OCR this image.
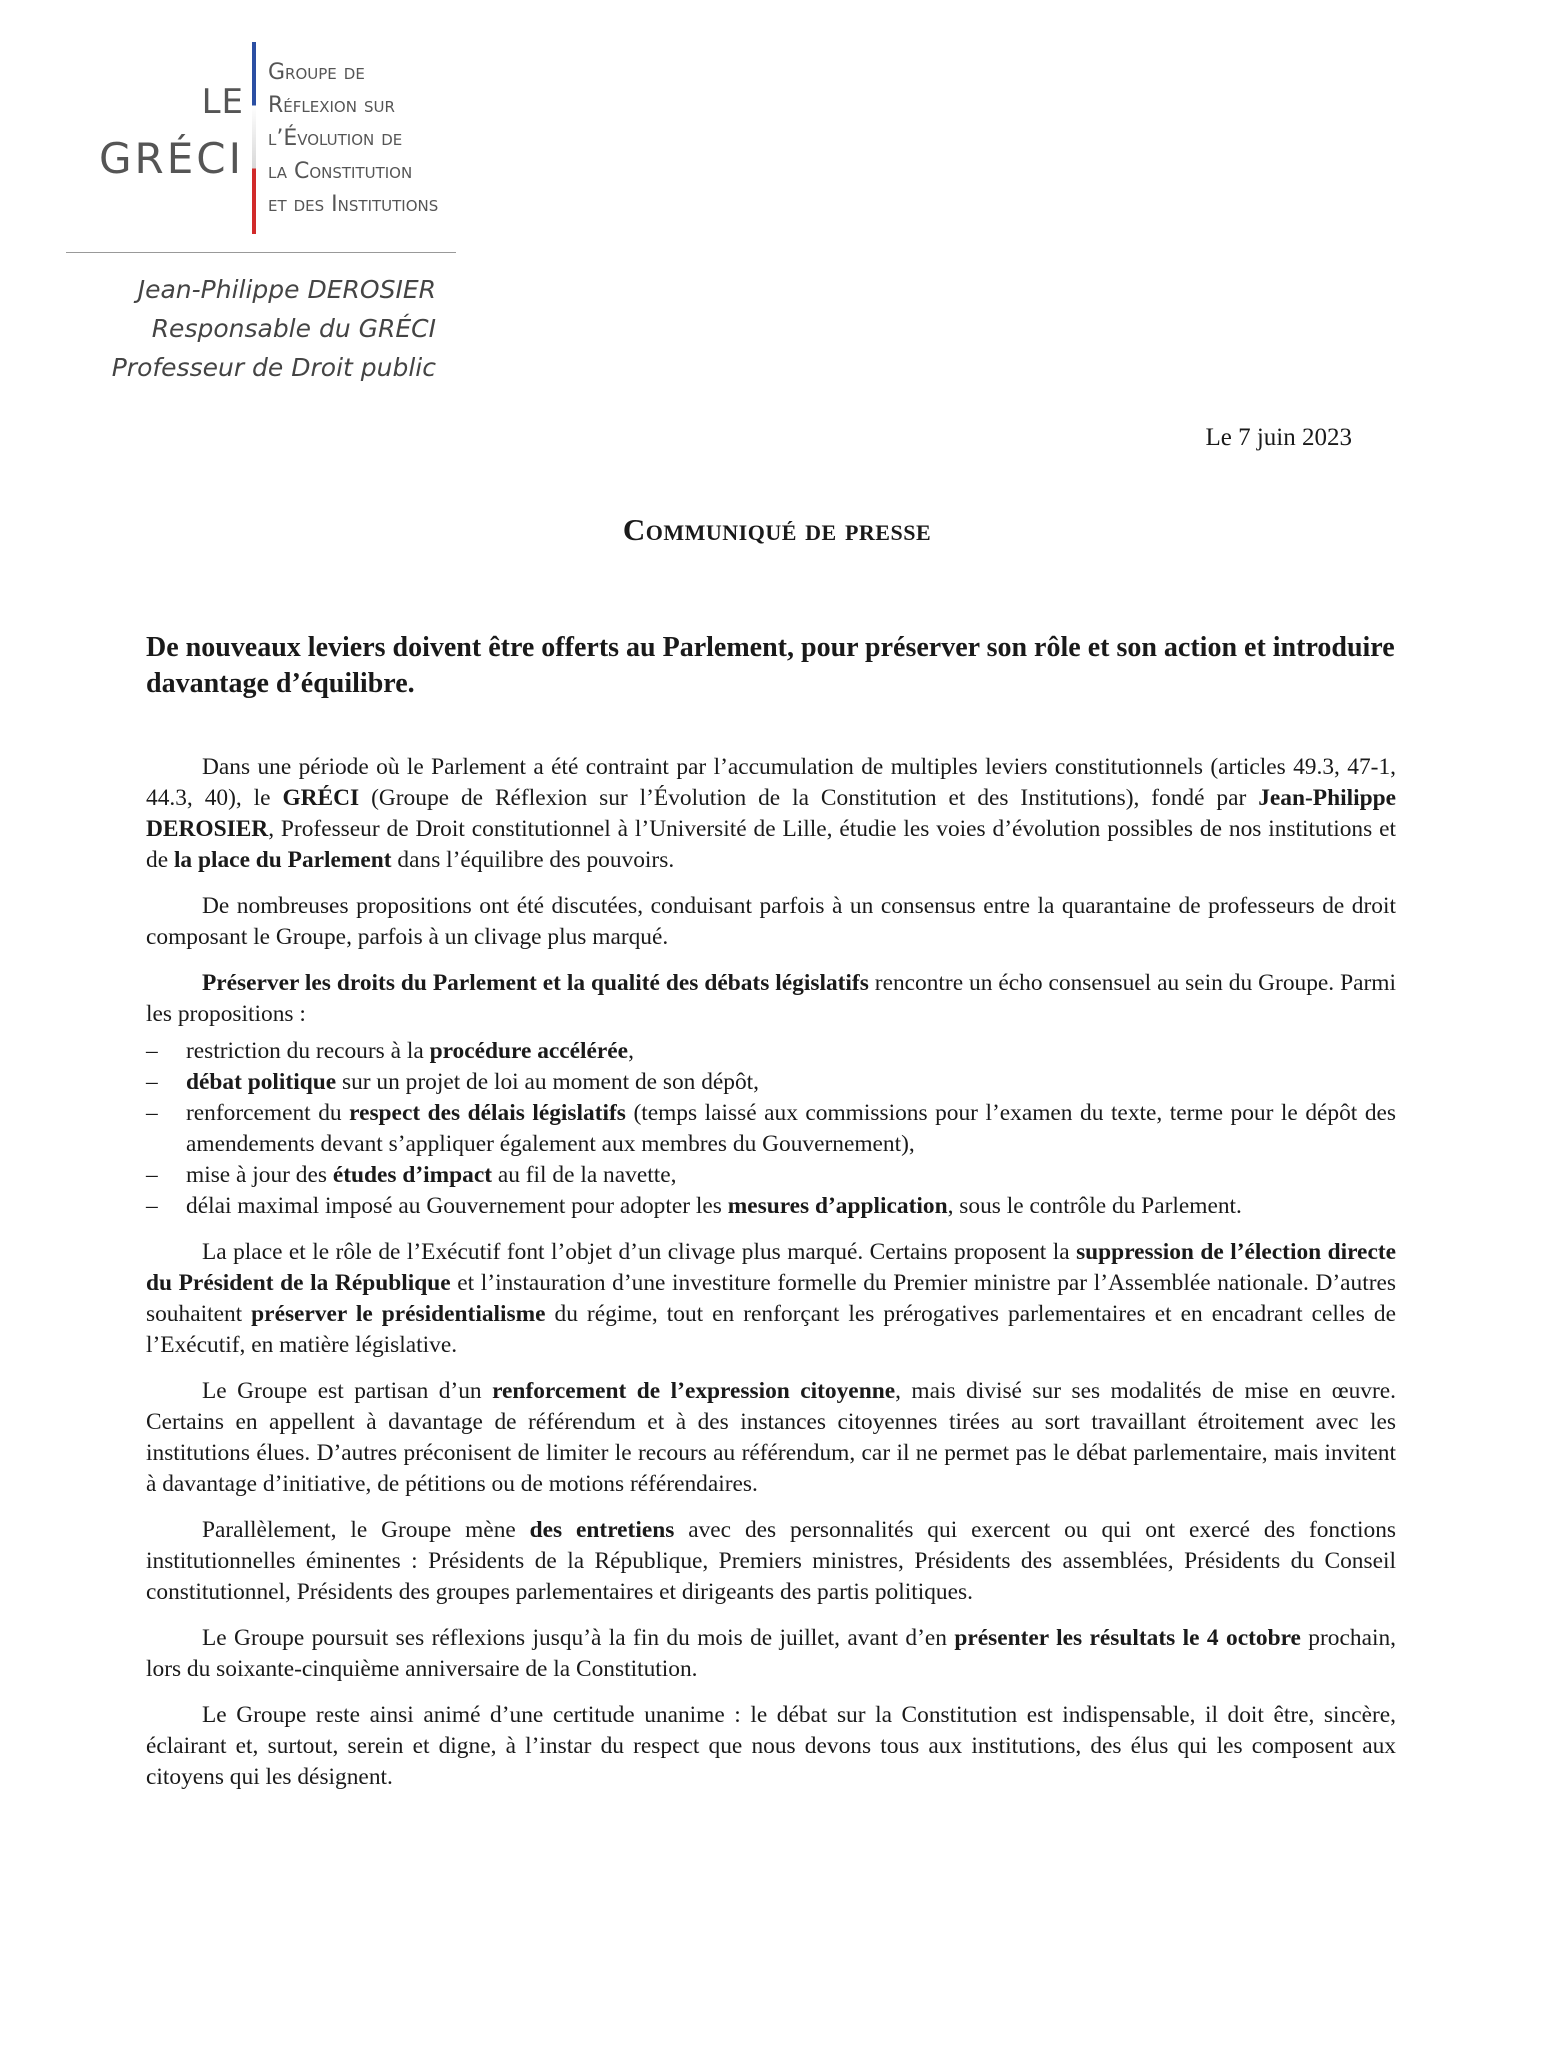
LE
GRÉCI
Groupe de
Réflexion sur
l’Évolution de
la Constitution
et des Institutions
Jean-Philippe DEROSIER
Responsable du GRÉCI
Professeur de Droit public
Le 7 juin 2023
Communiqué de presse
De nouveaux leviers doivent être offerts au Parlement, pour préserver son rôle et son action et introduire davantage d’équilibre.

Dans une période où le Parlement a été contraint par l’accumulation de multiples leviers constitutionnels (articles 49.3, 47-1, 44.3, 40), le GRÉCI (Groupe de Réflexion sur l’Évolution de la Constitution et des Institutions), fondé par Jean-Philippe DEROSIER, Professeur de Droit constitutionnel à l’Université de Lille, étudie les voies d’évolution possibles de nos institutions et de la place du Parlement dans l’équilibre des pouvoirs.

De nombreuses propositions ont été discutées, conduisant parfois à un consensus entre la quarantaine de professeurs de droit composant le Groupe, parfois à un clivage plus marqué.

Préserver les droits du Parlement et la qualité des débats législatifs rencontre un écho consensuel au sein du Groupe. Parmi les propositions :

– restriction du recours à la procédure accélérée,
– débat politique sur un projet de loi au moment de son dépôt,
– renforcement du respect des délais législatifs (temps laissé aux commissions pour l’examen du texte, terme pour le dépôt des amendements devant s’appliquer également aux membres du Gouvernement),
– mise à jour des études d’impact au fil de la navette,
– délai maximal imposé au Gouvernement pour adopter les mesures d’application, sous le contrôle du Parlement.

La place et le rôle de l’Exécutif font l’objet d’un clivage plus marqué. Certains proposent la suppression de l’élection directe du Président de la République et l’instauration d’une investiture formelle du Premier ministre par l’Assemblée nationale. D’autres souhaitent préserver le présidentialisme du régime, tout en renforçant les prérogatives parlementaires et en encadrant celles de l’Exécutif, en matière législative.

Le Groupe est partisan d’un renforcement de l’expression citoyenne, mais divisé sur ses modalités de mise en œuvre. Certains en appellent à davantage de référendum et à des instances citoyennes tirées au sort travaillant étroitement avec les institutions élues. D’autres préconisent de limiter le recours au référendum, car il ne permet pas le débat parlementaire, mais invitent à davantage d’initiative, de pétitions ou de motions référendaires.

Parallèlement, le Groupe mène des entretiens avec des personnalités qui exercent ou qui ont exercé des fonctions institutionnelles éminentes : Présidents de la République, Premiers ministres, Présidents des assemblées, Présidents du Conseil constitutionnel, Présidents des groupes parlementaires et dirigeants des partis politiques.

Le Groupe poursuit ses réflexions jusqu’à la fin du mois de juillet, avant d’en présenter les résultats le 4 octobre prochain, lors du soixante-cinquième anniversaire de la Constitution.

Le Groupe reste ainsi animé d’une certitude unanime : le débat sur la Constitution est indispensable, il doit être, sincère, éclairant et, surtout, serein et digne, à l’instar du respect que nous devons tous aux institutions, des élus qui les composent aux citoyens qui les désignent.
